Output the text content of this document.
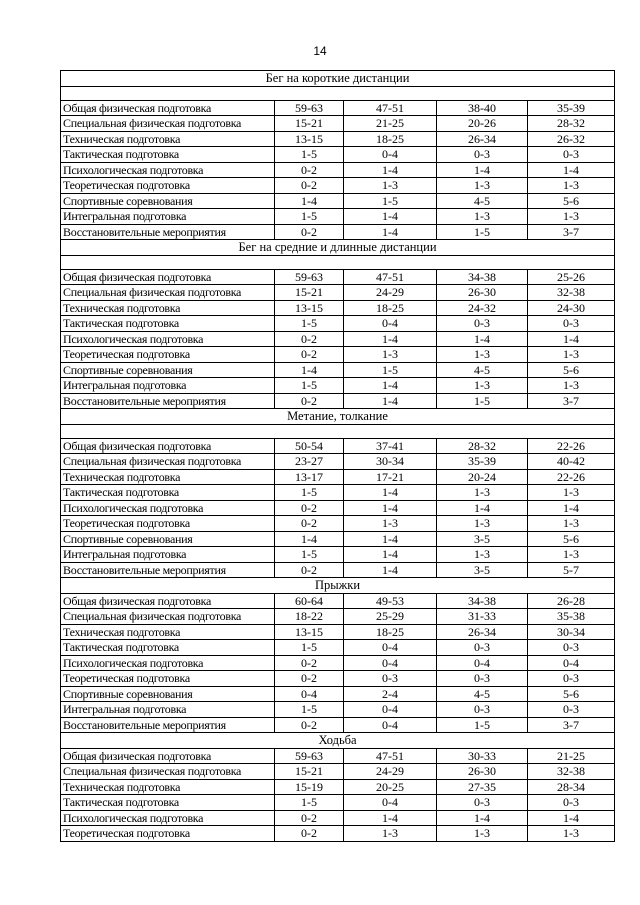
14
Бег на короткие дистанции				

Общая физическая подготовка	59-63	47-51	38-40	35-39
Специальная физическая подготовка	15-21	21-25	20-26	28-32
Техническая подготовка	13-15	18-25	26-34	26-32
Тактическая подготовка	1-5	0-4	0-3	0-3
Психологическая подготовка	0-2	1-4	1-4	1-4
Теоретическая подготовка	0-2	1-3	1-3	1-3
Спортивные соревнования	1-4	1-5	4-5	5-6
Интегральная подготовка	1-5	1-4	1-3	1-3
Восстановительные мероприятия	0-2	1-4	1-5	3-7
Бег на средние и длинные дистанции				

Общая физическая подготовка	59-63	47-51	34-38	25-26
Специальная физическая подготовка	15-21	24-29	26-30	32-38
Техническая подготовка	13-15	18-25	24-32	24-30
Тактическая подготовка	1-5	0-4	0-3	0-3
Психологическая подготовка	0-2	1-4	1-4	1-4
Теоретическая подготовка	0-2	1-3	1-3	1-3
Спортивные соревнования	1-4	1-5	4-5	5-6
Интегральная подготовка	1-5	1-4	1-3	1-3
Восстановительные мероприятия	0-2	1-4	1-5	3-7
Метание, толкание				

Общая физическая подготовка	50-54	37-41	28-32	22-26
Специальная физическая подготовка	23-27	30-34	35-39	40-42
Техническая подготовка	13-17	17-21	20-24	22-26
Тактическая подготовка	1-5	1-4	1-3	1-3
Психологическая подготовка	0-2	1-4	1-4	1-4
Теоретическая подготовка	0-2	1-3	1-3	1-3
Спортивные соревнования	1-4	1-4	3-5	5-6
Интегральная подготовка	1-5	1-4	1-3	1-3
Восстановительные мероприятия	0-2	1-4	3-5	5-7
Прыжки				
Общая физическая подготовка	60-64	49-53	34-38	26-28
Специальная физическая подготовка	18-22	25-29	31-33	35-38
Техническая подготовка	13-15	18-25	26-34	30-34
Тактическая подготовка	1-5	0-4	0-3	0-3
Психологическая подготовка	0-2	0-4	0-4	0-4
Теоретическая подготовка	0-2	0-3	0-3	0-3
Спортивные соревнования	0-4	2-4	4-5	5-6
Интегральная подготовка	1-5	0-4	0-3	0-3
Восстановительные мероприятия	0-2	0-4	1-5	3-7
Ходьба				
Общая физическая подготовка	59-63	47-51	30-33	21-25
Специальная физическая подготовка	15-21	24-29	26-30	32-38
Техническая подготовка	15-19	20-25	27-35	28-34
Тактическая подготовка	1-5	0-4	0-3	0-3
Психологическая подготовка	0-2	1-4	1-4	1-4
Теоретическая подготовка	0-2	1-3	1-3	1-3
